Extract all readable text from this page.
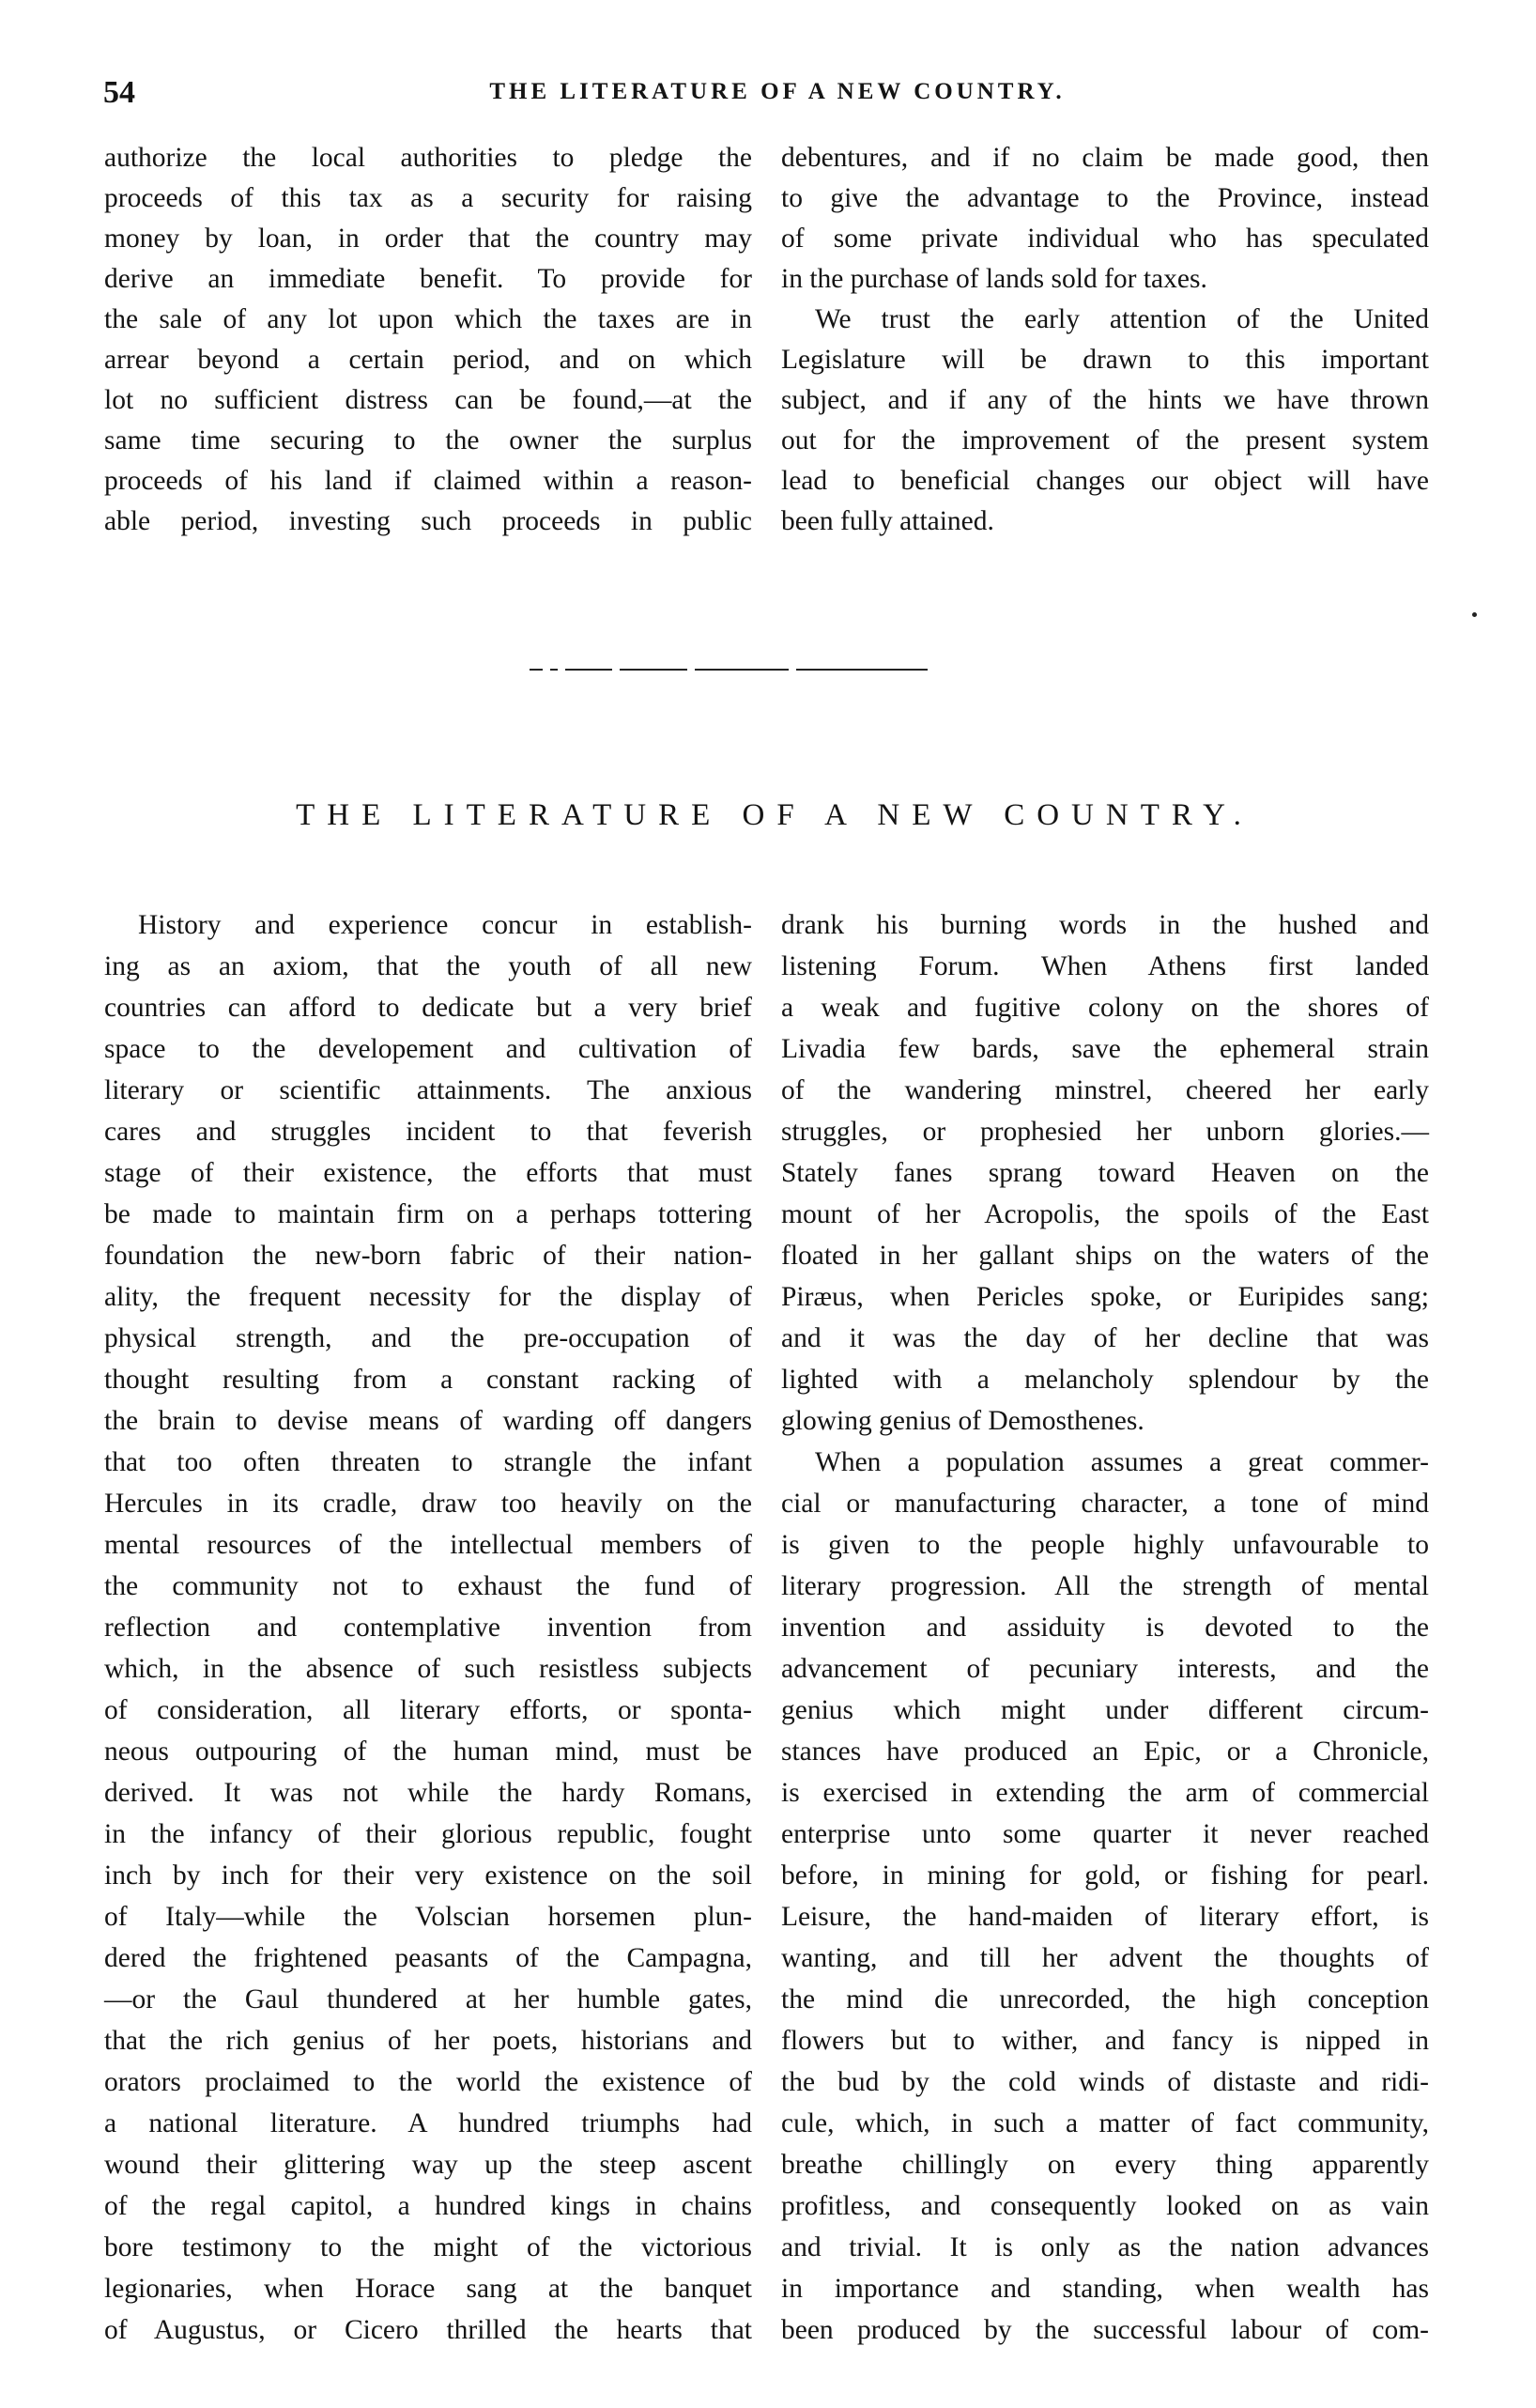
54	THE LITERATURE OF A NEW COUNTRY.
authorize the local authorities to pledge the
proceeds of this tax as a security for raising
money by loan, in order that the country may
derive an immediate benefit. To provide for
the sale of any lot upon which the taxes are in
arrear beyond a certain period, and on which
lot no sufficient distress can be found,—at the
same time securing to the owner the surplus
proceeds of his land if claimed within a reason-
able period, investing such proceeds in public
debentures, and if no claim be made good, then
to give the advantage to the Province, instead
of some private individual who has speculated
in the purchase of lands sold for taxes.
We trust the early attention of the United
Legislature will be drawn to this important
subject, and if any of the hints we have thrown
out for the improvement of the present system
lead to beneficial changes our object will have
been fully attained.
THE LITERATURE OF A NEW COUNTRY.
History and experience concur in establish-
ing as an axiom, that the youth of all new
countries can afford to dedicate but a very brief
space to the developement and cultivation of
literary or scientific attainments. The anxious
cares and struggles incident to that feverish
stage of their existence, the efforts that must
be made to maintain firm on a perhaps tottering
foundation the new-born fabric of their nation-
ality, the frequent necessity for the display of
physical strength, and the pre-occupation of
thought resulting from a constant racking of
the brain to devise means of warding off dangers
that too often threaten to strangle the infant
Hercules in its cradle, draw too heavily on the
mental resources of the intellectual members of
the community not to exhaust the fund of
reflection and contemplative invention from
which, in the absence of such resistless subjects
of consideration, all literary efforts, or sponta-
neous outpouring of the human mind, must be
derived. It was not while the hardy Romans,
in the infancy of their glorious republic, fought
inch by inch for their very existence on the soil
of Italy—while the Volscian horsemen plun-
dered the frightened peasants of the Campagna,
—or the Gaul thundered at her humble gates,
that the rich genius of her poets, historians and
orators proclaimed to the world the existence of
a national literature. A hundred triumphs had
wound their glittering way up the steep ascent
of the regal capitol, a hundred kings in chains
bore testimony to the might of the victorious
legionaries, when Horace sang at the banquet
of Augustus, or Cicero thrilled the hearts that
drank his burning words in the hushed and
listening Forum. When Athens first landed
a weak and fugitive colony on the shores of
Livadia few bards, save the ephemeral strain
of the wandering minstrel, cheered her early
struggles, or prophesied her unborn glories.—
Stately fanes sprang toward Heaven on the
mount of her Acropolis, the spoils of the East
floated in her gallant ships on the waters of the
Piræus, when Pericles spoke, or Euripides sang;
and it was the day of her decline that was
lighted with a melancholy splendour by the
glowing genius of Demosthenes.
When a population assumes a great commer-
cial or manufacturing character, a tone of mind
is given to the people highly unfavourable to
literary progression. All the strength of mental
invention and assiduity is devoted to the
advancement of pecuniary interests, and the
genius which might under different circum-
stances have produced an Epic, or a Chronicle,
is exercised in extending the arm of commercial
enterprise unto some quarter it never reached
before, in mining for gold, or fishing for pearl.
Leisure, the hand-maiden of literary effort, is
wanting, and till her advent the thoughts of
the mind die unrecorded, the high conception
flowers but to wither, and fancy is nipped in
the bud by the cold winds of distaste and ridi-
cule, which, in such a matter of fact community,
breathe chillingly on every thing apparently
profitless, and consequently looked on as vain
and trivial. It is only as the nation advances
in importance and standing, when wealth has
been produced by the successful labour of com-
